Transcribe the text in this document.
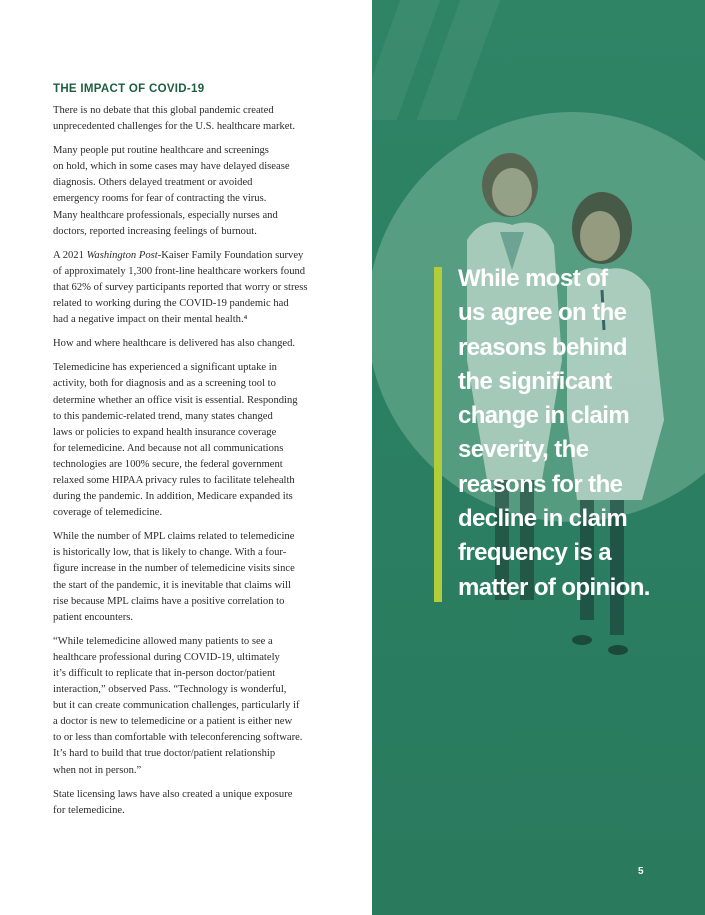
THE IMPACT OF COVID-19

There is no debate that this global pandemic created
unprecedented challenges for the U.S. healthcare market.

Many people put routine healthcare and screenings
on hold, which in some cases may have delayed disease
diagnosis. Others delayed treatment or avoided
emergency rooms for fear of contracting the virus.
Many healthcare professionals, especially nurses and
doctors, reported increasing feelings of burnout.

A 2021 Washington Post-Kaiser Family Foundation survey
of approximately 1,300 front-line healthcare workers found
that 62% of survey participants reported that worry or stress
related to working during the COVID-19 pandemic had
had a negative impact on their mental health.⁴

How and where healthcare is delivered has also changed.

Telemedicine has experienced a significant uptake in
activity, both for diagnosis and as a screening tool to
determine whether an office visit is essential. Responding
to this pandemic-related trend, many states changed
laws or policies to expand health insurance coverage
for telemedicine. And because not all communications
technologies are 100% secure, the federal government
relaxed some HIPAA privacy rules to facilitate telehealth
during the pandemic. In addition, Medicare expanded its
coverage of telemedicine.

While the number of MPL claims related to telemedicine
is historically low, that is likely to change. With a four-
figure increase in the number of telemedicine visits since
the start of the pandemic, it is inevitable that claims will
rise because MPL claims have a positive correlation to
patient encounters.

“While telemedicine allowed many patients to see a
healthcare professional during COVID-19, ultimately
it’s difficult to replicate that in-person doctor/patient
interaction,” observed Pass. “Technology is wonderful,
but it can create communication challenges, particularly if
a doctor is new to telemedicine or a patient is either new
to or less than comfortable with teleconferencing software.
It’s hard to build that true doctor/patient relationship
when not in person.”

State licensing laws have also created a unique exposure
for telemedicine.

While most of
us agree on the
reasons behind
the significant
change in claim
severity, the
reasons for the
decline in claim
frequency is a
matter of opinion.

5
